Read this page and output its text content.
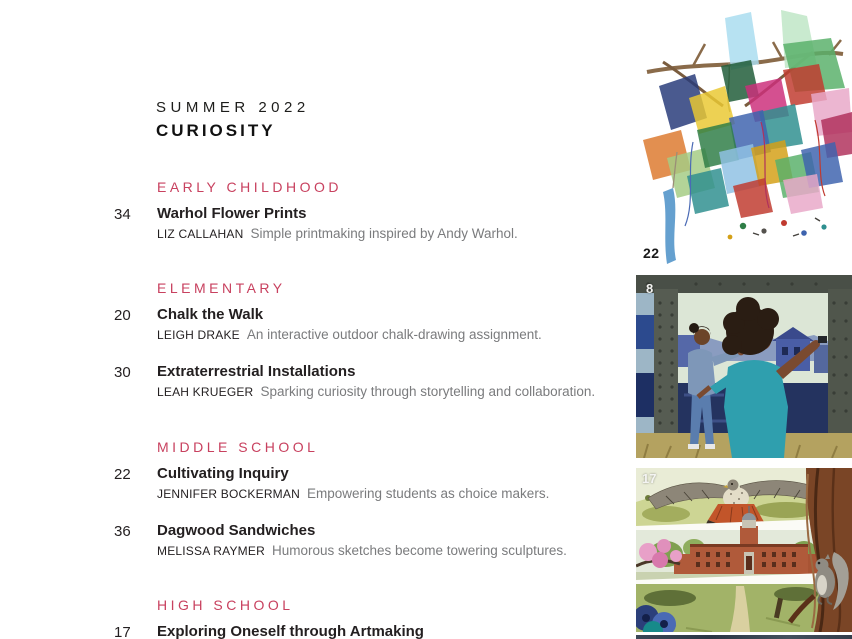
SUMMER 2022
CURIOSITY
EARLY CHILDHOOD
34 Warhol Flower Prints

LIZ CALLAHAN Simple printmaking inspired by Andy Warhol.

ELEMENTARY
20 Chalk the Walk

LEIGH DRAKE An interactive outdoor chalk-drawing assignment.

30 Extraterrestrial Installations

LEAH KRUEGER Sparking curiosity through storytelling and collaboration.

MIDDLE SCHOOL
22 Cultivating Inquiry

JENNIFER BOCKERMAN Empowering students as choice makers.

36 Dagwood Sandwiches

MELISSA RAYMER Humorous sketches become towering sculptures.

HIGH SCHOOL
17 Exploring Oneself through Artmaking
22
8
17
